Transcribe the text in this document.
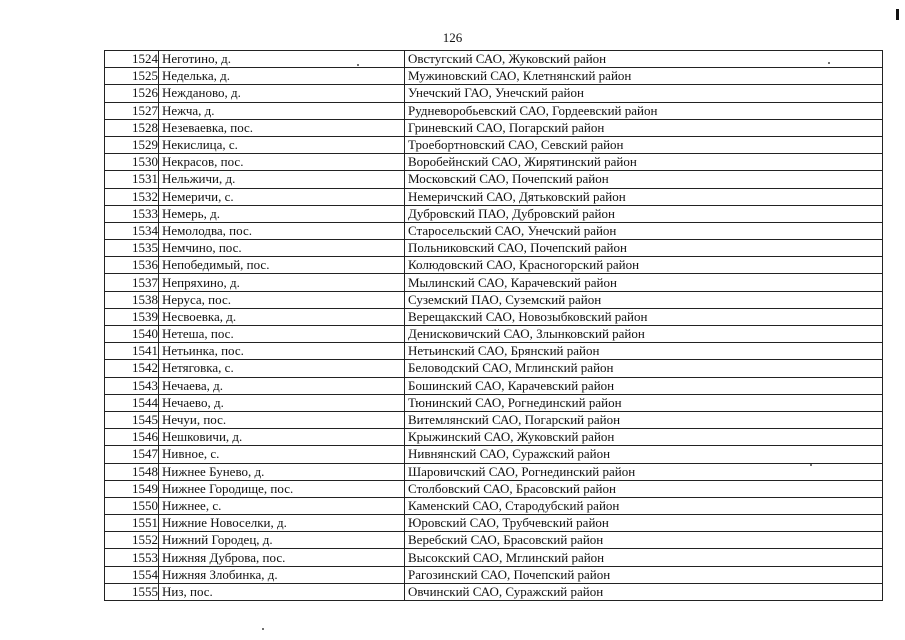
126
1524	Неготино, д.	Овстугский САО, Жуковский район
1525	Неделька, д.	Мужиновский САО, Клетнянский район
1526	Нежданово, д.	Унечский ГАО, Унечский район
1527	Нежча, д.	Рудневоробьевский САО, Гордеевский район
1528	Незеваевка, пос.	Гриневский САО, Погарский район
1529	Некислица, с.	Троебортновский САО, Севский район
1530	Некрасов, пос.	Воробейнский САО, Жирятинский район
1531	Нельжичи, д.	Московский САО, Почепский район
1532	Немеричи, с.	Немеричский САО, Дятьковский район
1533	Немерь, д.	Дубровский ПАО, Дубровский район
1534	Немолодва, пос.	Старосельский САО, Унечский район
1535	Немчино, пос.	Польниковский САО, Почепский район
1536	Непобедимый, пос.	Колюдовский САО, Красногорский район
1537	Непряхино, д.	Мылинский САО, Карачевский район
1538	Неруса, пос.	Суземский ПАО, Суземский район
1539	Несвоевка, д.	Верещакский САО, Новозыбковский район
1540	Нетеша, пос.	Денисковичский САО, Злынковский район
1541	Нетьинка, пос.	Нетьинский САО, Брянский район
1542	Нетяговка, с.	Беловодский САО, Мглинский район
1543	Нечаева, д.	Бошинский САО, Карачевский район
1544	Нечаево, д.	Тюнинский САО, Рогнединский район
1545	Нечуи, пос.	Витемлянский САО, Погарский район
1546	Нешковичи, д.	Крыжинский САО, Жуковский район
1547	Нивное, с.	Нивнянский САО, Суражский район
1548	Нижнее Бунево, д.	Шаровичский САО, Рогнединский район
1549	Нижнее Городище, пос.	Столбовский САО, Брасовский район
1550	Нижнее, с.	Каменский САО, Стародубский район
1551	Нижние Новоселки, д.	Юровский САО, Трубчевский район
1552	Нижний Городец, д.	Веребский САО, Брасовский район
1553	Нижняя Дуброва, пос.	Высокский САО, Мглинский район
1554	Нижняя Злобинка, д.	Рагозинский САО, Почепский район
1555	Низ, пос.	Овчинский САО, Суражский район
